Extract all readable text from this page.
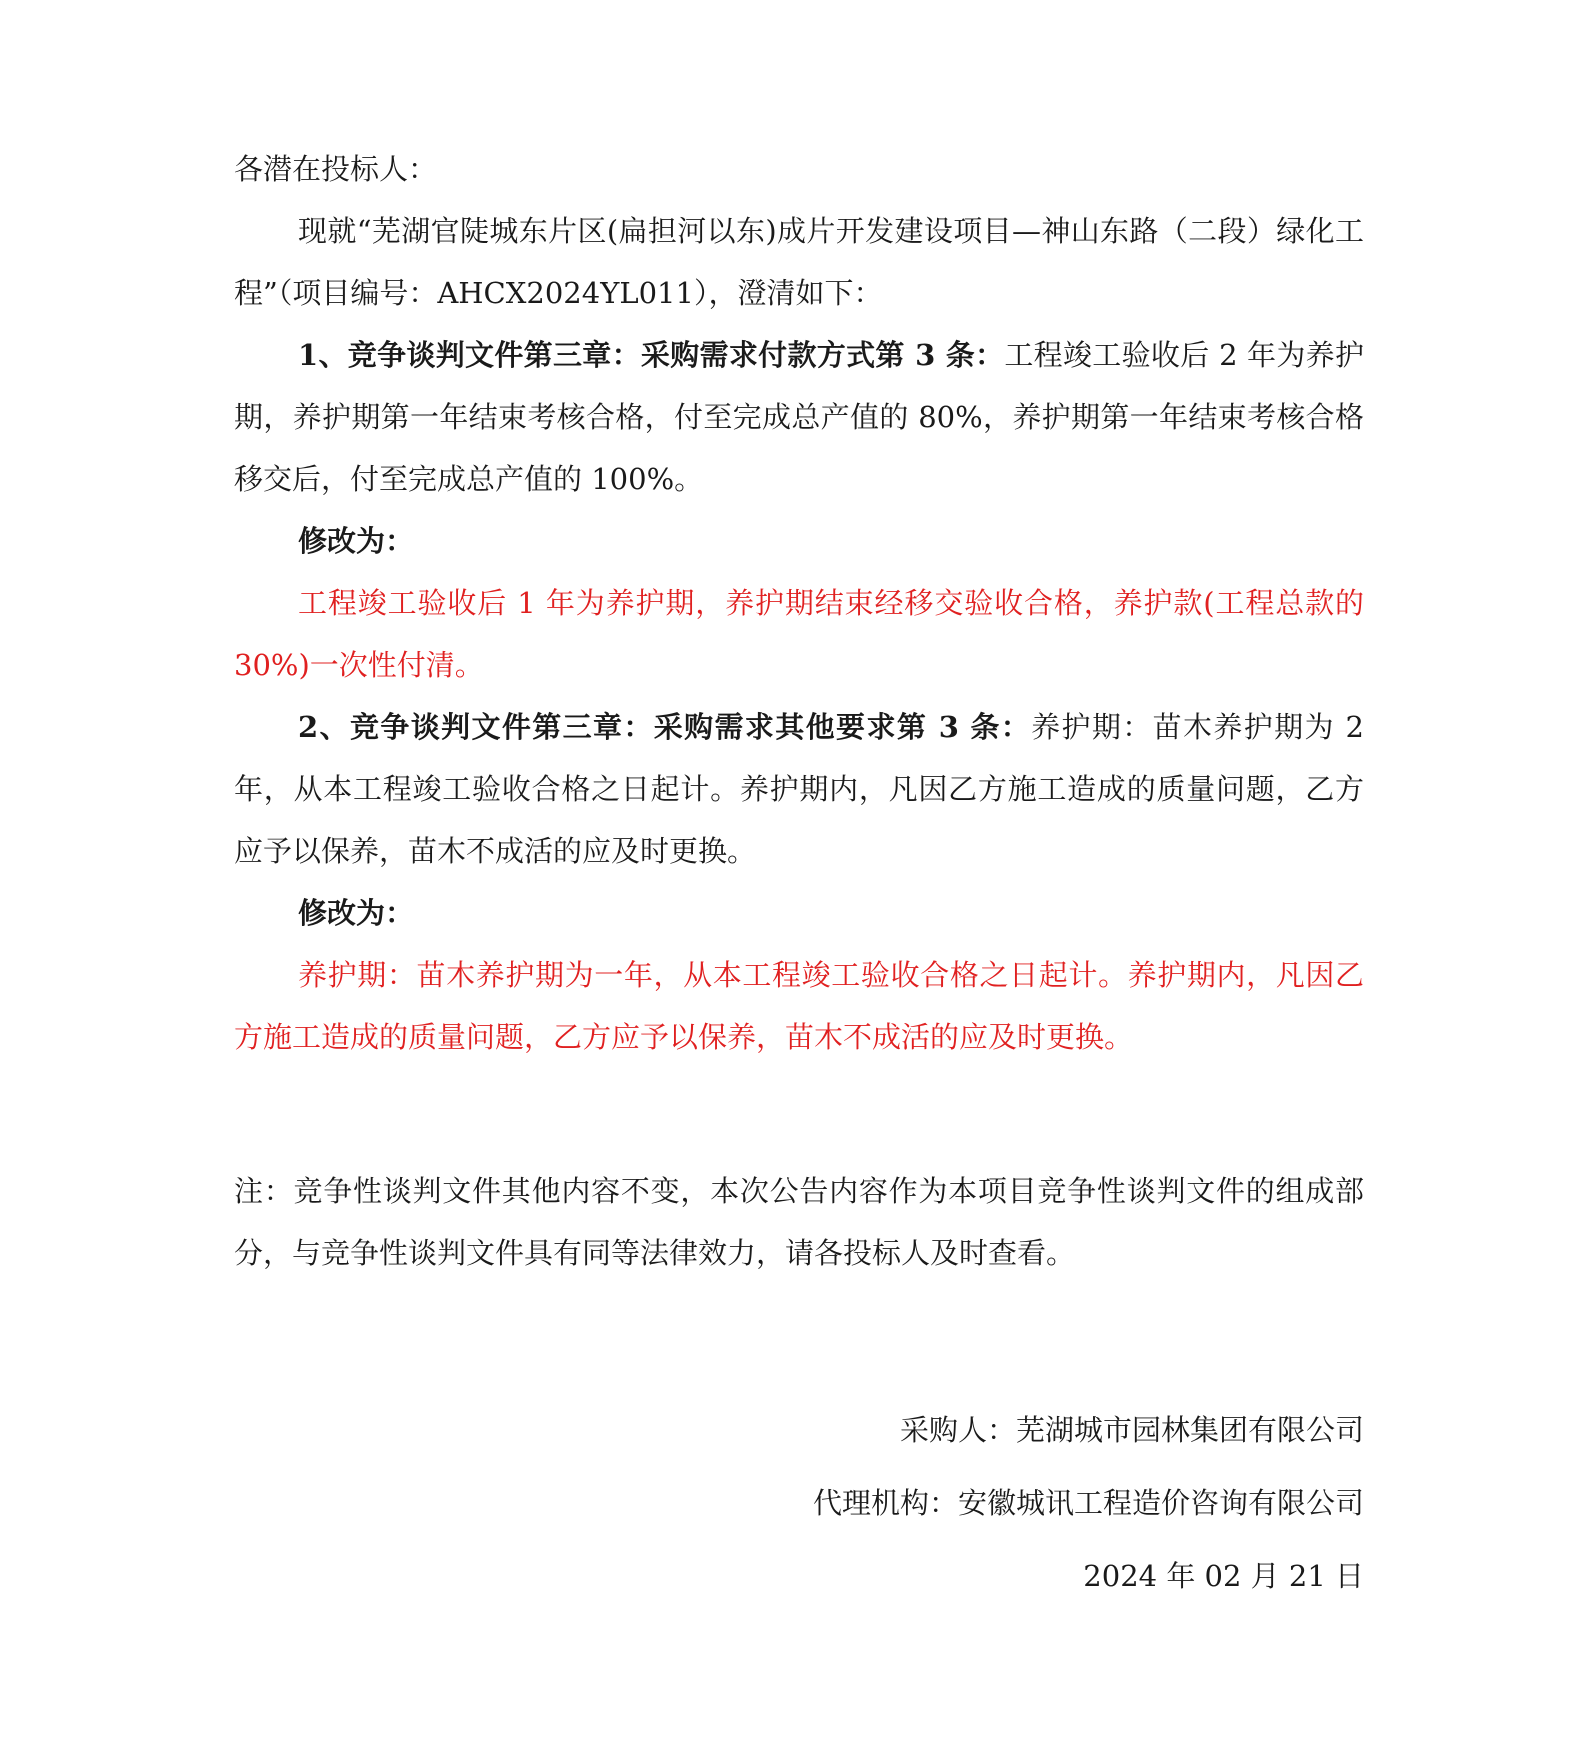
各潜在投标人：

现就“芜湖官陡城东片区(扁担河以东)成片开发建设项目—神山东路（二段）绿化工程”（项目编号：AHCX2024YL011），澄清如下：

1、竞争谈判文件第三章：采购需求付款方式第 3 条：工程竣工验收后 2 年为养护期，养护期第一年结束考核合格，付至完成总产值的 80%，养护期第一年结束考核合格移交后，付至完成总产值的 100%。

修改为：

工程竣工验收后 1 年为养护期，养护期结束经移交验收合格，养护款(工程总款的 30%)一次性付清。

2、竞争谈判文件第三章：采购需求其他要求第 3 条：养护期：苗木养护期为 2 年，从本工程竣工验收合格之日起计。养护期内，凡因乙方施工造成的质量问题，乙方应予以保养，苗木不成活的应及时更换。

修改为：

养护期：苗木养护期为一年，从本工程竣工验收合格之日起计。养护期内，凡因乙方施工造成的质量问题，乙方应予以保养，苗木不成活的应及时更换。

注：竞争性谈判文件其他内容不变，本次公告内容作为本项目竞争性谈判文件的组成部分，与竞争性谈判文件具有同等法律效力，请各投标人及时查看。

采购人：芜湖城市园林集团有限公司

代理机构：安徽城讯工程造价咨询有限公司

2024 年 02 月 21 日
